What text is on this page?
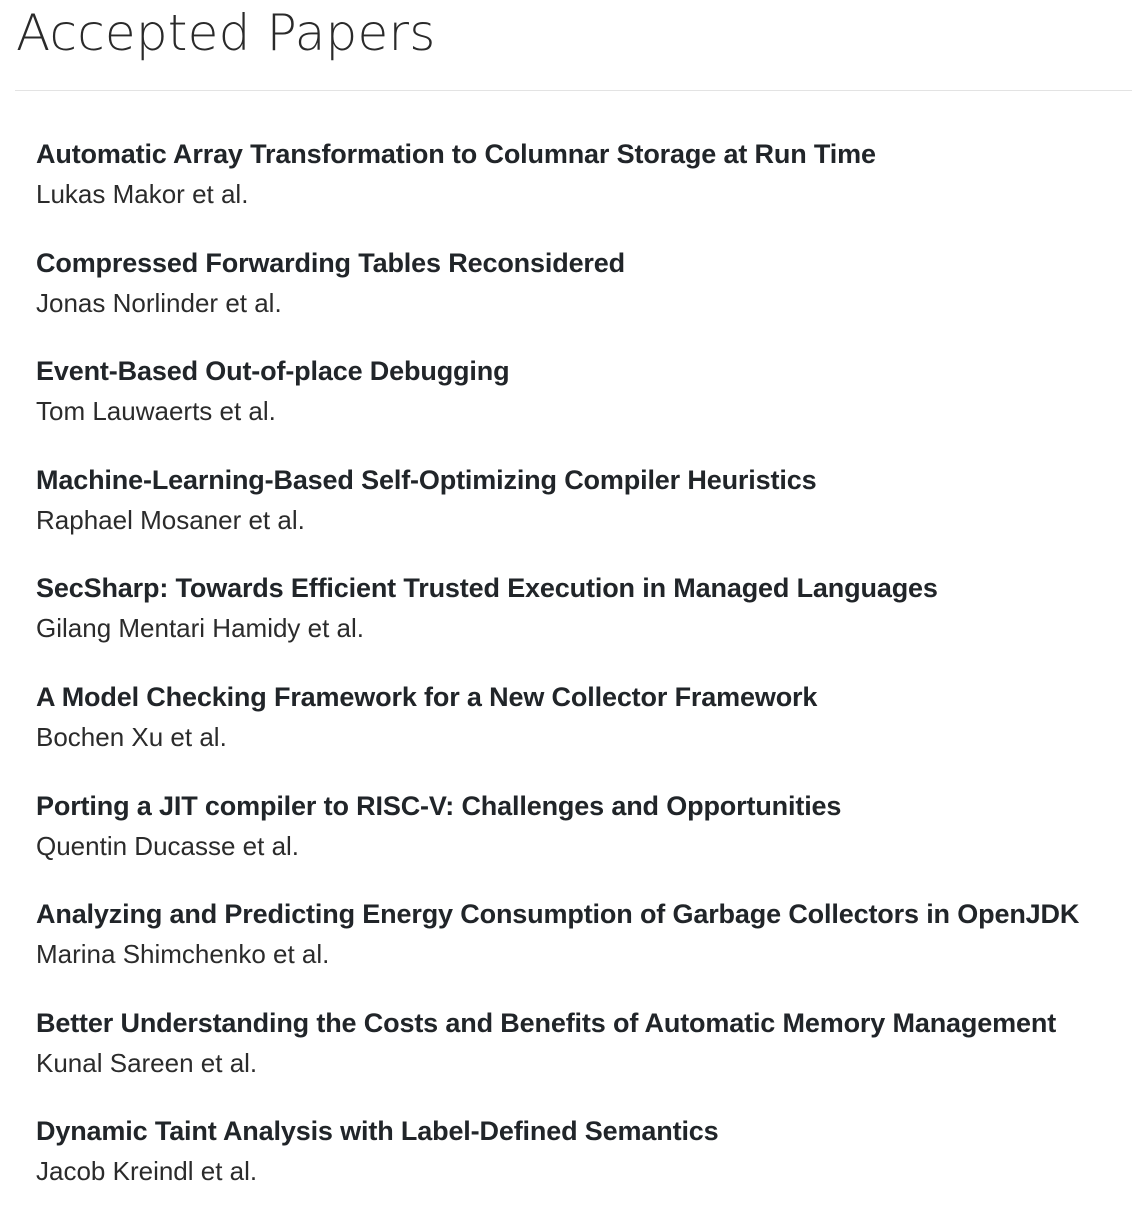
Accepted Papers
Automatic Array Transformation to Columnar Storage at Run Time
Lukas Makor et al.
Compressed Forwarding Tables Reconsidered
Jonas Norlinder et al.
Event-Based Out-of-place Debugging
Tom Lauwaerts et al.
Machine-Learning-Based Self-Optimizing Compiler Heuristics
Raphael Mosaner et al.
SecSharp: Towards Efficient Trusted Execution in Managed Languages
Gilang Mentari Hamidy et al.
A Model Checking Framework for a New Collector Framework
Bochen Xu et al.
Porting a JIT compiler to RISC-V: Challenges and Opportunities
Quentin Ducasse et al.
Analyzing and Predicting Energy Consumption of Garbage Collectors in OpenJDK
Marina Shimchenko et al.
Better Understanding the Costs and Benefits of Automatic Memory Management
Kunal Sareen et al.
Dynamic Taint Analysis with Label-Defined Semantics
Jacob Kreindl et al.
